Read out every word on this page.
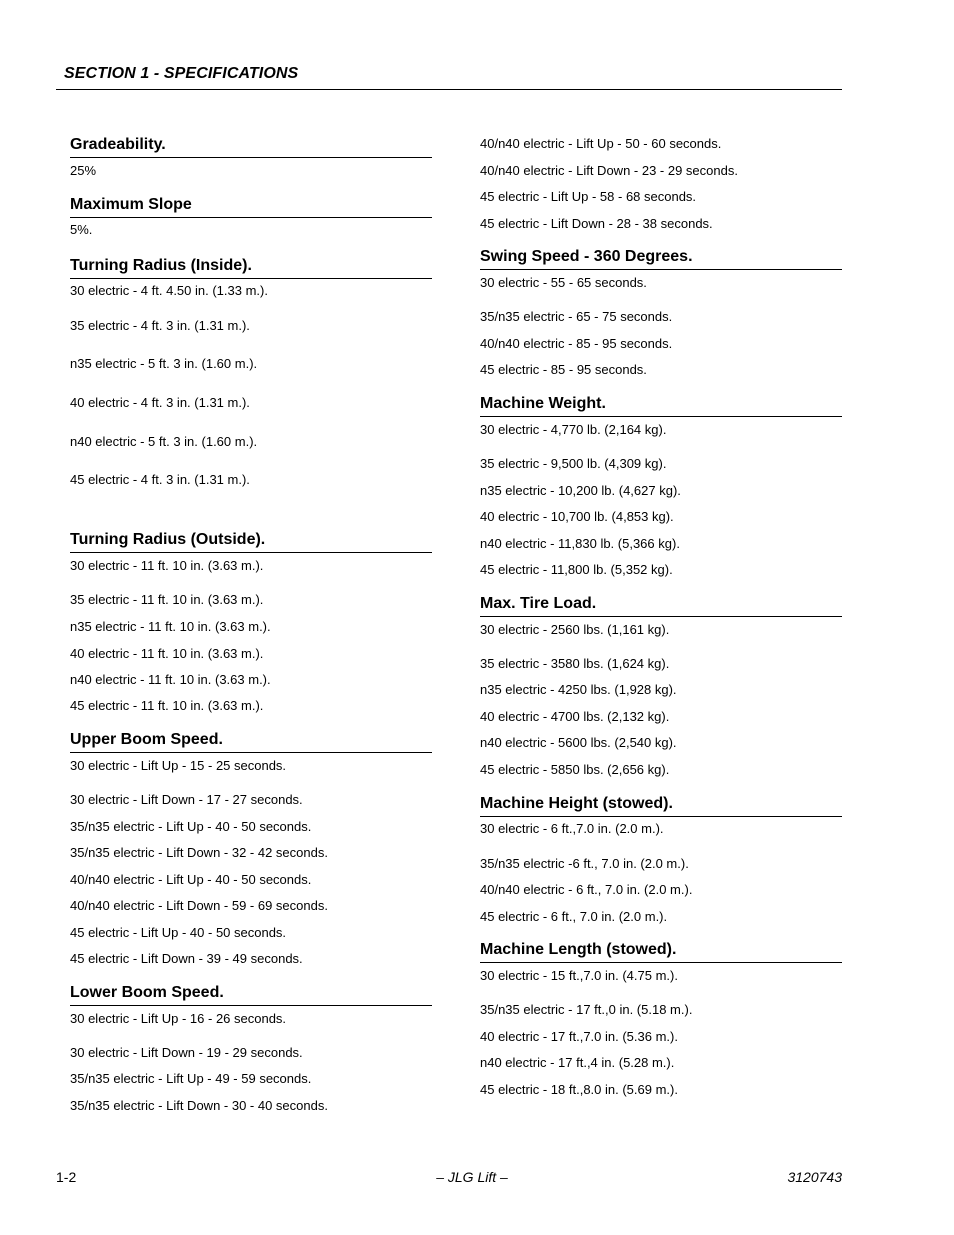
SECTION 1 - SPECIFICATIONS
Gradeability.
25%
Maximum Slope
5%.
Turning Radius (Inside).
30 electric - 4 ft. 4.50 in. (1.33 m.).
35 electric - 4 ft. 3 in. (1.31 m.).
n35 electric - 5 ft. 3 in. (1.60 m.).
40 electric - 4 ft. 3 in. (1.31 m.).
n40 electric - 5 ft. 3 in. (1.60 m.).
45 electric - 4 ft. 3 in. (1.31 m.).
Turning Radius (Outside).
30 electric - 11 ft. 10 in. (3.63 m.).
35 electric - 11 ft. 10 in. (3.63 m.).
n35 electric - 11 ft. 10 in. (3.63 m.).
40 electric - 11 ft. 10 in. (3.63 m.).
n40 electric - 11 ft. 10 in. (3.63 m.).
45 electric - 11 ft. 10 in. (3.63 m.).
Upper Boom Speed.
30 electric - Lift Up - 15 - 25 seconds.
30 electric - Lift Down - 17 - 27 seconds.
35/n35 electric - Lift Up - 40 - 50 seconds.
35/n35 electric - Lift Down - 32 - 42 seconds.
40/n40 electric - Lift Up - 40 - 50 seconds.
40/n40 electric - Lift Down - 59 - 69 seconds.
45 electric - Lift Up - 40 - 50 seconds.
45 electric - Lift Down - 39 - 49 seconds.
Lower Boom Speed.
30 electric - Lift Up - 16 - 26 seconds.
30 electric - Lift Down - 19 - 29 seconds.
35/n35 electric - Lift Up - 49 - 59 seconds.
35/n35 electric - Lift Down - 30 - 40 seconds.
40/n40 electric - Lift Up - 50 - 60 seconds.
40/n40 electric - Lift Down - 23 - 29 seconds.
45 electric - Lift Up - 58 - 68 seconds.
45 electric - Lift Down - 28 - 38 seconds.
Swing Speed - 360 Degrees.
30 electric - 55 - 65 seconds.
35/n35 electric - 65 - 75 seconds.
40/n40 electric - 85 - 95 seconds.
45 electric - 85 - 95 seconds.
Machine Weight.
30 electric - 4,770 lb. (2,164 kg).
35 electric - 9,500 lb. (4,309 kg).
n35 electric - 10,200 lb. (4,627 kg).
40 electric - 10,700 lb. (4,853 kg).
n40 electric - 11,830 lb. (5,366 kg).
45 electric - 11,800 lb. (5,352 kg).
Max. Tire Load.
30 electric - 2560 lbs. (1,161 kg).
35 electric - 3580 lbs. (1,624 kg).
n35 electric - 4250 lbs. (1,928 kg).
40 electric - 4700 lbs. (2,132 kg).
n40 electric - 5600 lbs. (2,540 kg).
45 electric - 5850 lbs. (2,656 kg).
Machine Height (stowed).
30 electric - 6 ft.,7.0 in. (2.0 m.).
35/n35 electric -6 ft., 7.0 in. (2.0 m.).
40/n40 electric - 6 ft., 7.0 in. (2.0 m.).
45 electric - 6 ft., 7.0 in. (2.0 m.).
Machine Length (stowed).
30 electric - 15 ft.,7.0 in. (4.75 m.).
35/n35 electric - 17 ft.,0 in. (5.18 m.).
40 electric - 17 ft.,7.0 in. (5.36 m.).
n40 electric - 17 ft.,4 in. (5.28 m.).
45 electric - 18 ft.,8.0 in. (5.69 m.).
1-2	– JLG Lift –	3120743
